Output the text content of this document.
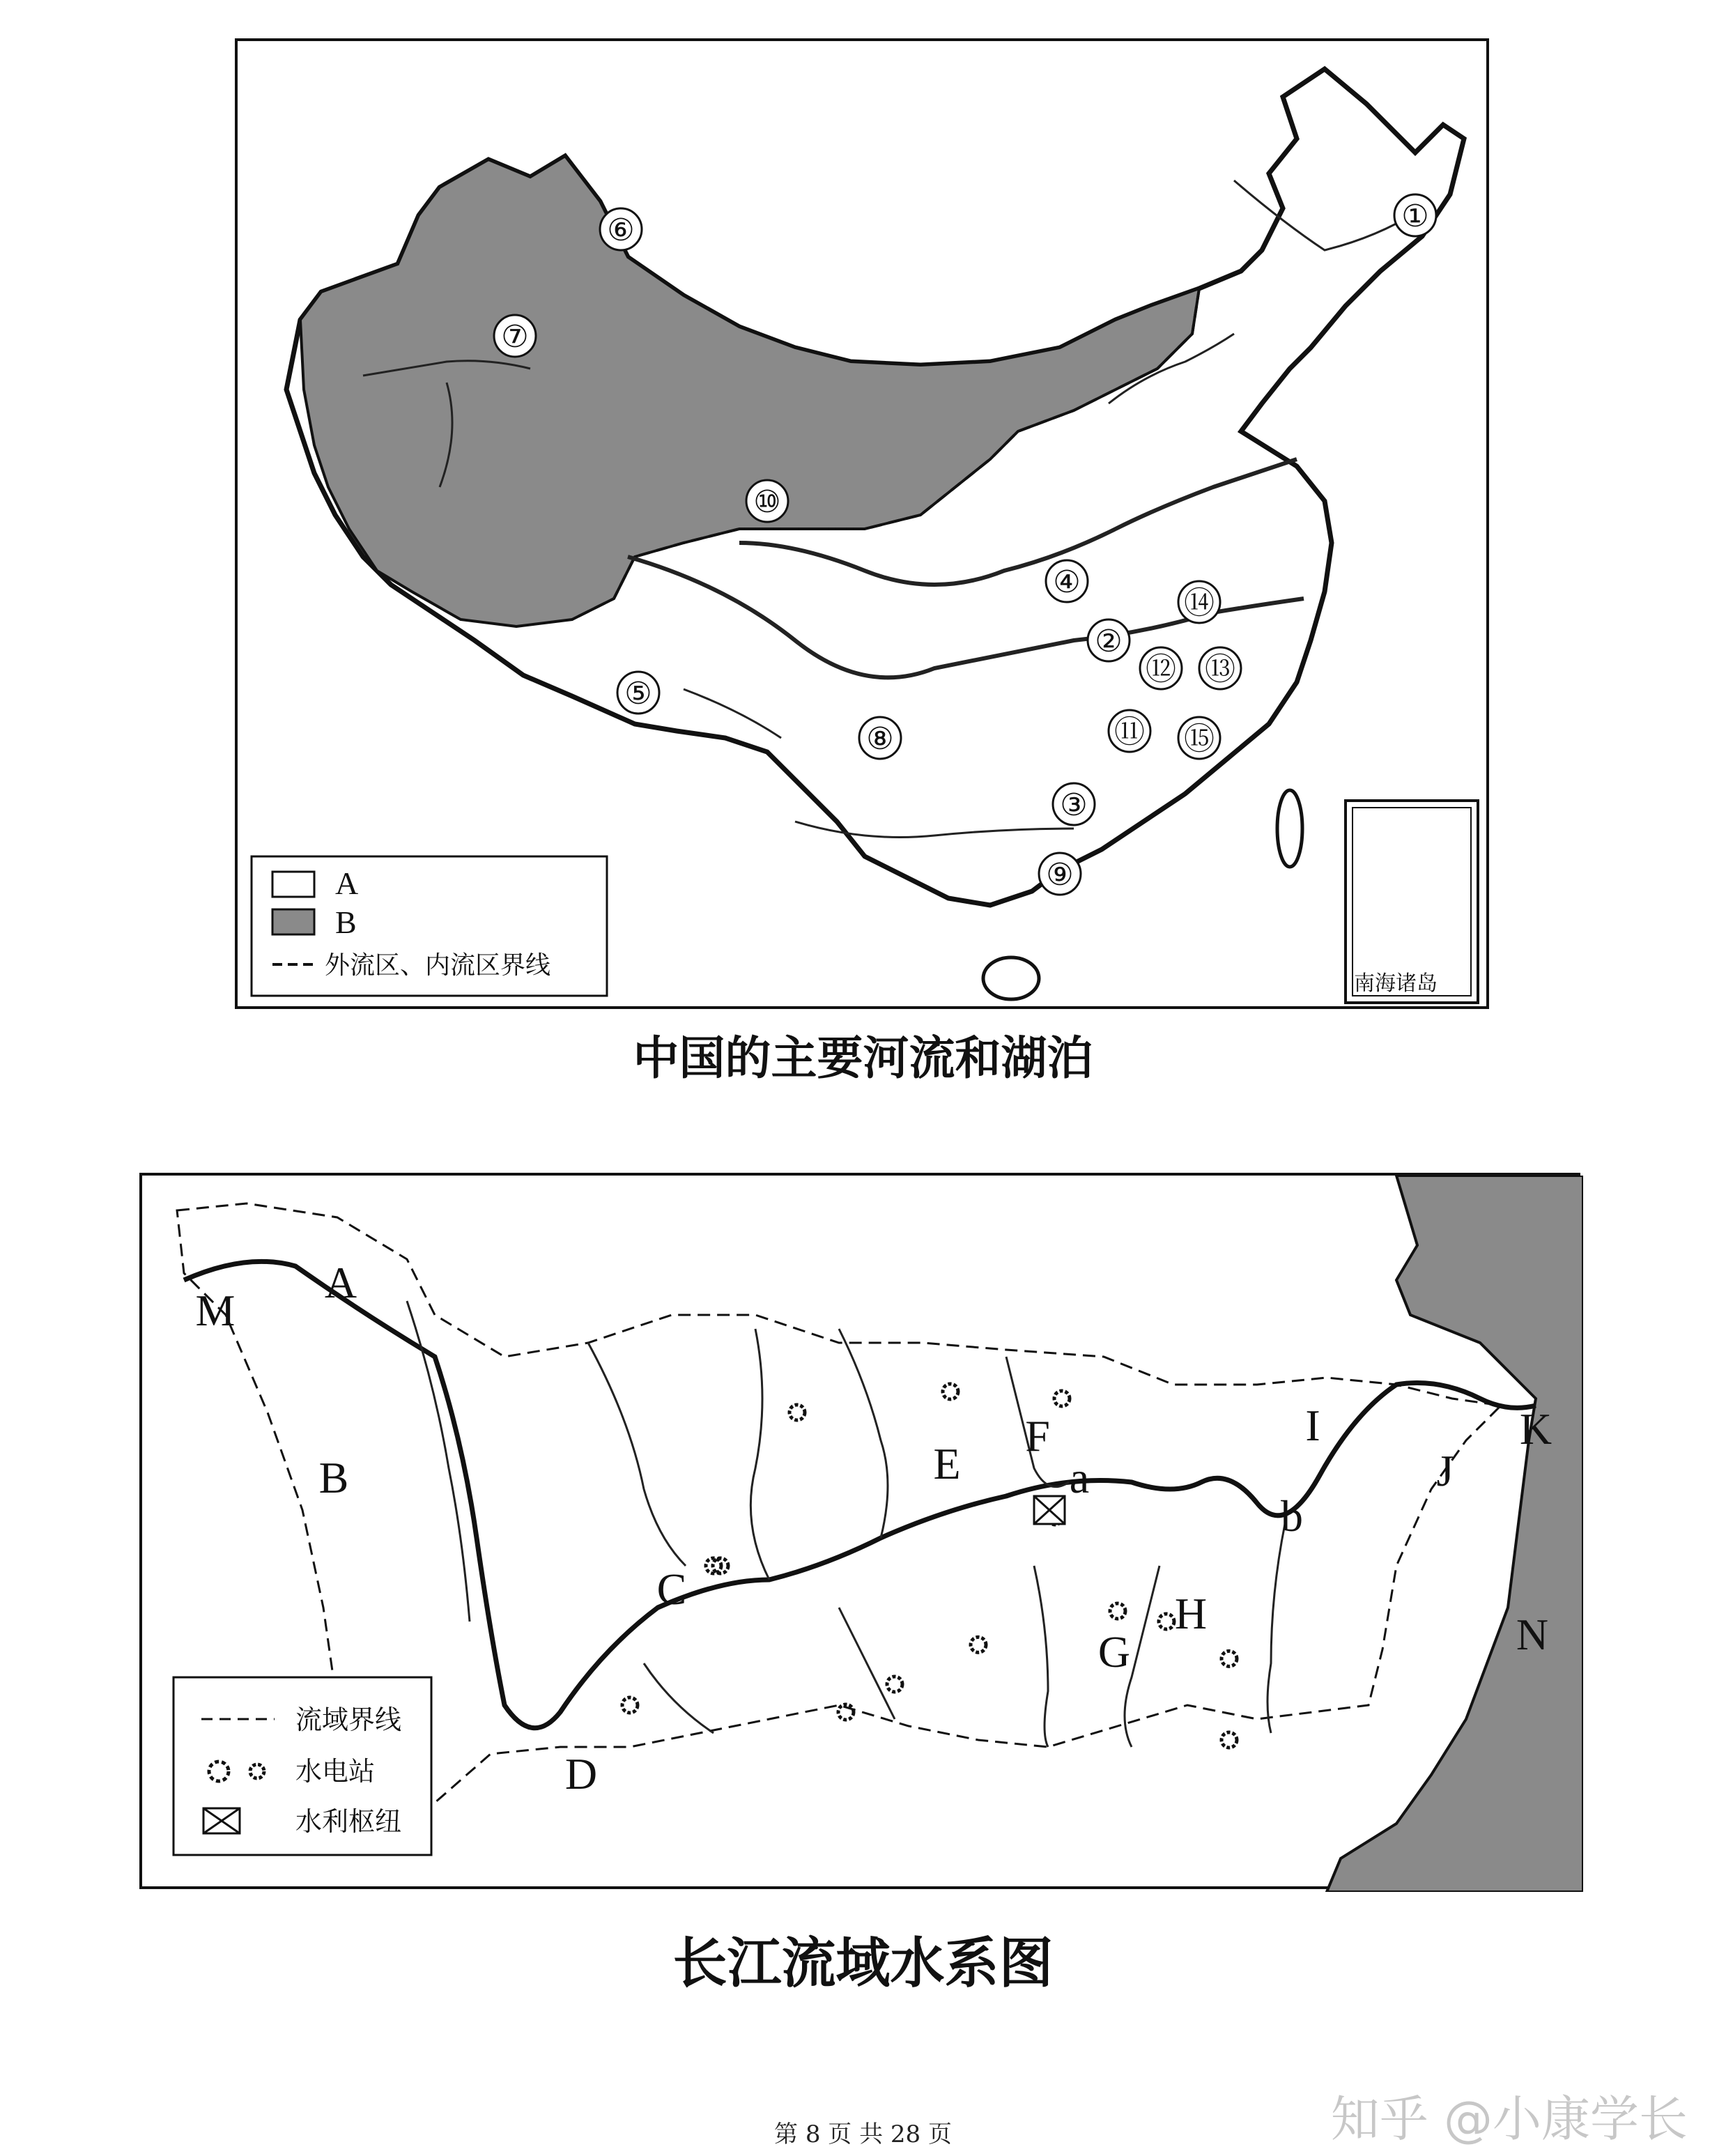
A
B
外流区、内流区界线
南海诸岛
①
②
③
④
⑤
⑥
⑦
⑧
⑨
⑩
⑪
⑫ ⑬
⑭
⑮
中国的主要河流和湖泊
M
A
B
C
D
E
F
a
I
J
K
b
G
H	N
流域界线
水电站
水利枢纽
长江流域水系图
第 8 页 共 28 页	知乎 @小康学长
